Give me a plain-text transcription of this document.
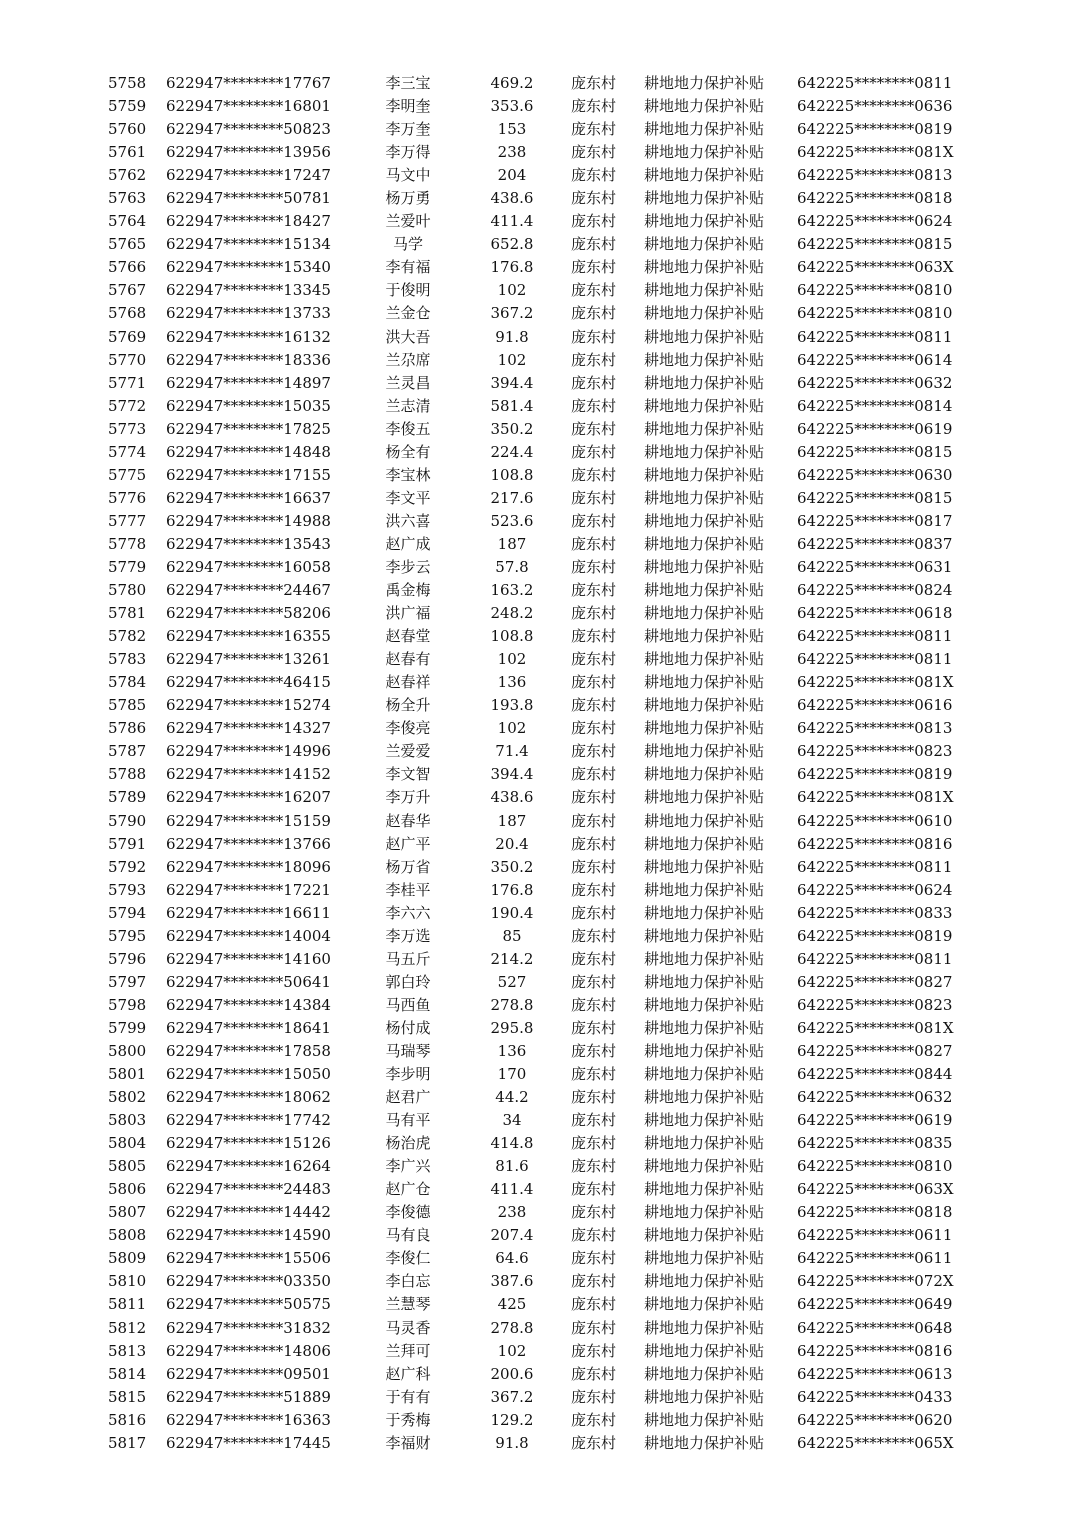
5758 622947********17767	李三宝	469.2	庞东村 耕地地力保护补贴 642225********0811
5759 622947********16801	李明奎	353.6	庞东村 耕地地力保护补贴 642225********0636
5760 622947********50823	李万奎	153	庞东村 耕地地力保护补贴 642225********0819
5761 622947********13956	李万得	238	庞东村 耕地地力保护补贴 642225********081X
5762 622947********17247	马文中	204	庞东村 耕地地力保护补贴 642225********0813
5763 622947********50781	杨万勇	438.6	庞东村 耕地地力保护补贴 642225********0818
5764 622947********18427	兰爱叶	411.4	庞东村 耕地地力保护补贴 642225********0624
5765 622947********15134	马学	652.8	庞东村 耕地地力保护补贴 642225********0815
5766 622947********15340	李有福	176.8	庞东村 耕地地力保护补贴 642225********063X
5767 622947********13345	于俊明	102	庞东村 耕地地力保护补贴 642225********0810
5768 622947********13733	兰金仓	367.2	庞东村 耕地地力保护补贴 642225********0810
5769 622947********16132	洪大吾	91.8	庞东村 耕地地力保护补贴 642225********0811
5770 622947********18336	兰尕席	102	庞东村 耕地地力保护补贴 642225********0614
5771 622947********14897	兰灵昌	394.4	庞东村 耕地地力保护补贴 642225********0632
5772 622947********15035	兰志清	581.4	庞东村 耕地地力保护补贴 642225********0814
5773 622947********17825	李俊五	350.2	庞东村 耕地地力保护补贴 642225********0619
5774 622947********14848	杨全有	224.4	庞东村 耕地地力保护补贴 642225********0815
5775 622947********17155	李宝林	108.8	庞东村 耕地地力保护补贴 642225********0630
5776 622947********16637	李文平	217.6	庞东村 耕地地力保护补贴 642225********0815
5777 622947********14988	洪六喜	523.6	庞东村 耕地地力保护补贴 642225********0817
5778 622947********13543	赵广成	187	庞东村 耕地地力保护补贴 642225********0837
5779 622947********16058	李步云	57.8	庞东村 耕地地力保护补贴 642225********0631
5780 622947********24467	禹金梅	163.2	庞东村 耕地地力保护补贴 642225********0824
5781 622947********58206	洪广福	248.2	庞东村 耕地地力保护补贴 642225********0618
5782 622947********16355	赵春堂	108.8	庞东村 耕地地力保护补贴 642225********0811
5783 622947********13261	赵春有	102	庞东村 耕地地力保护补贴 642225********0811
5784 622947********46415	赵春祥	136	庞东村 耕地地力保护补贴 642225********081X
5785 622947********15274	杨全升	193.8	庞东村 耕地地力保护补贴 642225********0616
5786 622947********14327	李俊亮	102	庞东村 耕地地力保护补贴 642225********0813
5787 622947********14996	兰爱爱	71.4	庞东村 耕地地力保护补贴 642225********0823
5788 622947********14152	李文智	394.4	庞东村 耕地地力保护补贴 642225********0819
5789 622947********16207	李万升	438.6	庞东村 耕地地力保护补贴 642225********081X
5790 622947********15159	赵春华	187	庞东村 耕地地力保护补贴 642225********0610
5791 622947********13766	赵广平	20.4	庞东村 耕地地力保护补贴 642225********0816
5792 622947********18096	杨万省	350.2	庞东村 耕地地力保护补贴 642225********0811
5793 622947********17221	李桂平	176.8	庞东村 耕地地力保护补贴 642225********0624
5794 622947********16611	李六六	190.4	庞东村 耕地地力保护补贴 642225********0833
5795 622947********14004	李万选	85	庞东村 耕地地力保护补贴 642225********0819
5796 622947********14160	马五斤	214.2	庞东村 耕地地力保护补贴 642225********0811
5797 622947********50641	郭白玲	527	庞东村 耕地地力保护补贴 642225********0827
5798 622947********14384	马西鱼	278.8	庞东村 耕地地力保护补贴 642225********0823
5799 622947********18641	杨付成	295.8	庞东村 耕地地力保护补贴 642225********081X
5800 622947********17858	马瑞琴	136	庞东村 耕地地力保护补贴 642225********0827
5801 622947********15050	李步明	170	庞东村 耕地地力保护补贴 642225********0844
5802 622947********18062	赵君广	44.2	庞东村 耕地地力保护补贴 642225********0632
5803 622947********17742	马有平	34	庞东村 耕地地力保护补贴 642225********0619
5804 622947********15126	杨治虎	414.8	庞东村 耕地地力保护补贴 642225********0835
5805 622947********16264	李广兴	81.6	庞东村 耕地地力保护补贴 642225********0810
5806 622947********24483	赵广仓	411.4	庞东村 耕地地力保护补贴 642225********063X
5807 622947********14442	李俊德	238	庞东村 耕地地力保护补贴 642225********0818
5808 622947********14590	马有良	207.4	庞东村 耕地地力保护补贴 642225********0611
5809 622947********15506	李俊仁	64.6	庞东村 耕地地力保护补贴 642225********0611
5810 622947********03350	李白忘	387.6	庞东村 耕地地力保护补贴 642225********072X
5811 622947********50575	兰慧琴	425	庞东村 耕地地力保护补贴 642225********0649
5812 622947********31832	马灵香	278.8	庞东村 耕地地力保护补贴 642225********0648
5813 622947********14806	兰拜可	102	庞东村 耕地地力保护补贴 642225********0816
5814 622947********09501	赵广科	200.6	庞东村 耕地地力保护补贴 642225********0613
5815 622947********51889	于有有	367.2	庞东村 耕地地力保护补贴 642225********0433
5816 622947********16363	于秀梅	129.2	庞东村 耕地地力保护补贴 642225********0620
5817 622947********17445	李福财	91.8	庞东村 耕地地力保护补贴 642225********065X
